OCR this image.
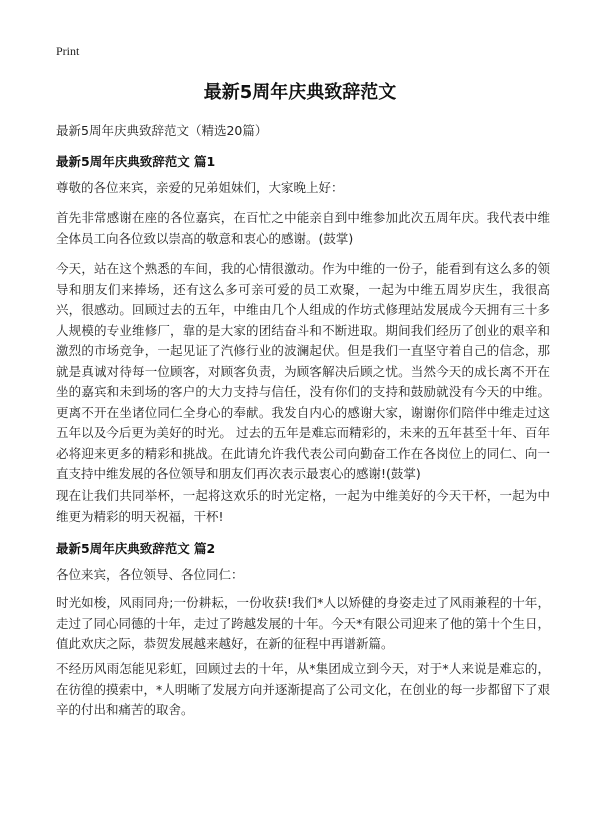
Print
最新5周年庆典致辞范文

最新5周年庆典致辞范文（精选20篇）

最新5周年庆典致辞范文 篇1

尊敬的各位来宾，亲爱的兄弟姐妹们，大家晚上好：

首先非常感谢在座的各位嘉宾，在百忙之中能亲自到中维参加此次五周年庆。我代表中维全体员工向各位致以崇高的敬意和衷心的感谢。(鼓掌)

今天，站在这个熟悉的车间，我的心情很激动。作为中维的一份子，能看到有这么多的领导和朋友们来捧场，还有这么多可亲可爱的员工欢聚，一起为中维五周岁庆生，我很高兴，很感动。回顾过去的五年，中维由几个人组成的作坊式修理站发展成今天拥有三十多人规模的专业维修厂，靠的是大家的团结奋斗和不断进取。期间我们经历了创业的艰辛和激烈的市场竞争，一起见证了汽修行业的波澜起伏。但是我们一直坚守着自己的信念，那就是真诚对待每一位顾客，对顾客负责，为顾客解决后顾之忧。当然今天的成长离不开在坐的嘉宾和未到场的客户的大力支持与信任，没有你们的支持和鼓励就没有今天的中维。更离不开在坐诸位同仁全身心的奉献。我发自内心的感谢大家，谢谢你们陪伴中维走过这五年以及今后更为美好的时光。 过去的五年是难忘而精彩的，未来的五年甚至十年、百年必将迎来更多的精彩和挑战。在此请允许我代表公司向勤奋工作在各岗位上的同仁、向一直支持中维发展的各位领导和朋友们再次表示最衷心的感谢!(鼓掌)

现在让我们共同举杯，一起将这欢乐的时光定格，一起为中维美好的今天干杯，一起为中维更为精彩的明天祝福，干杯!

最新5周年庆典致辞范文 篇2

各位来宾，各位领导、各位同仁：

时光如梭，风雨同舟;一份耕耘，一份收获!我们*人以矫健的身姿走过了风雨兼程的十年，走过了同心同德的十年，走过了跨越发展的十年。今天*有限公司迎来了他的第十个生日，值此欢庆之际，恭贺发展越来越好，在新的征程中再谱新篇。

不经历风雨怎能见彩虹，回顾过去的十年，从*集团成立到今天，对于*人来说是难忘的，在彷徨的摸索中，*人明晰了发展方向并逐渐提高了公司文化，在创业的每一步都留下了艰辛的付出和痛苦的取舍。
